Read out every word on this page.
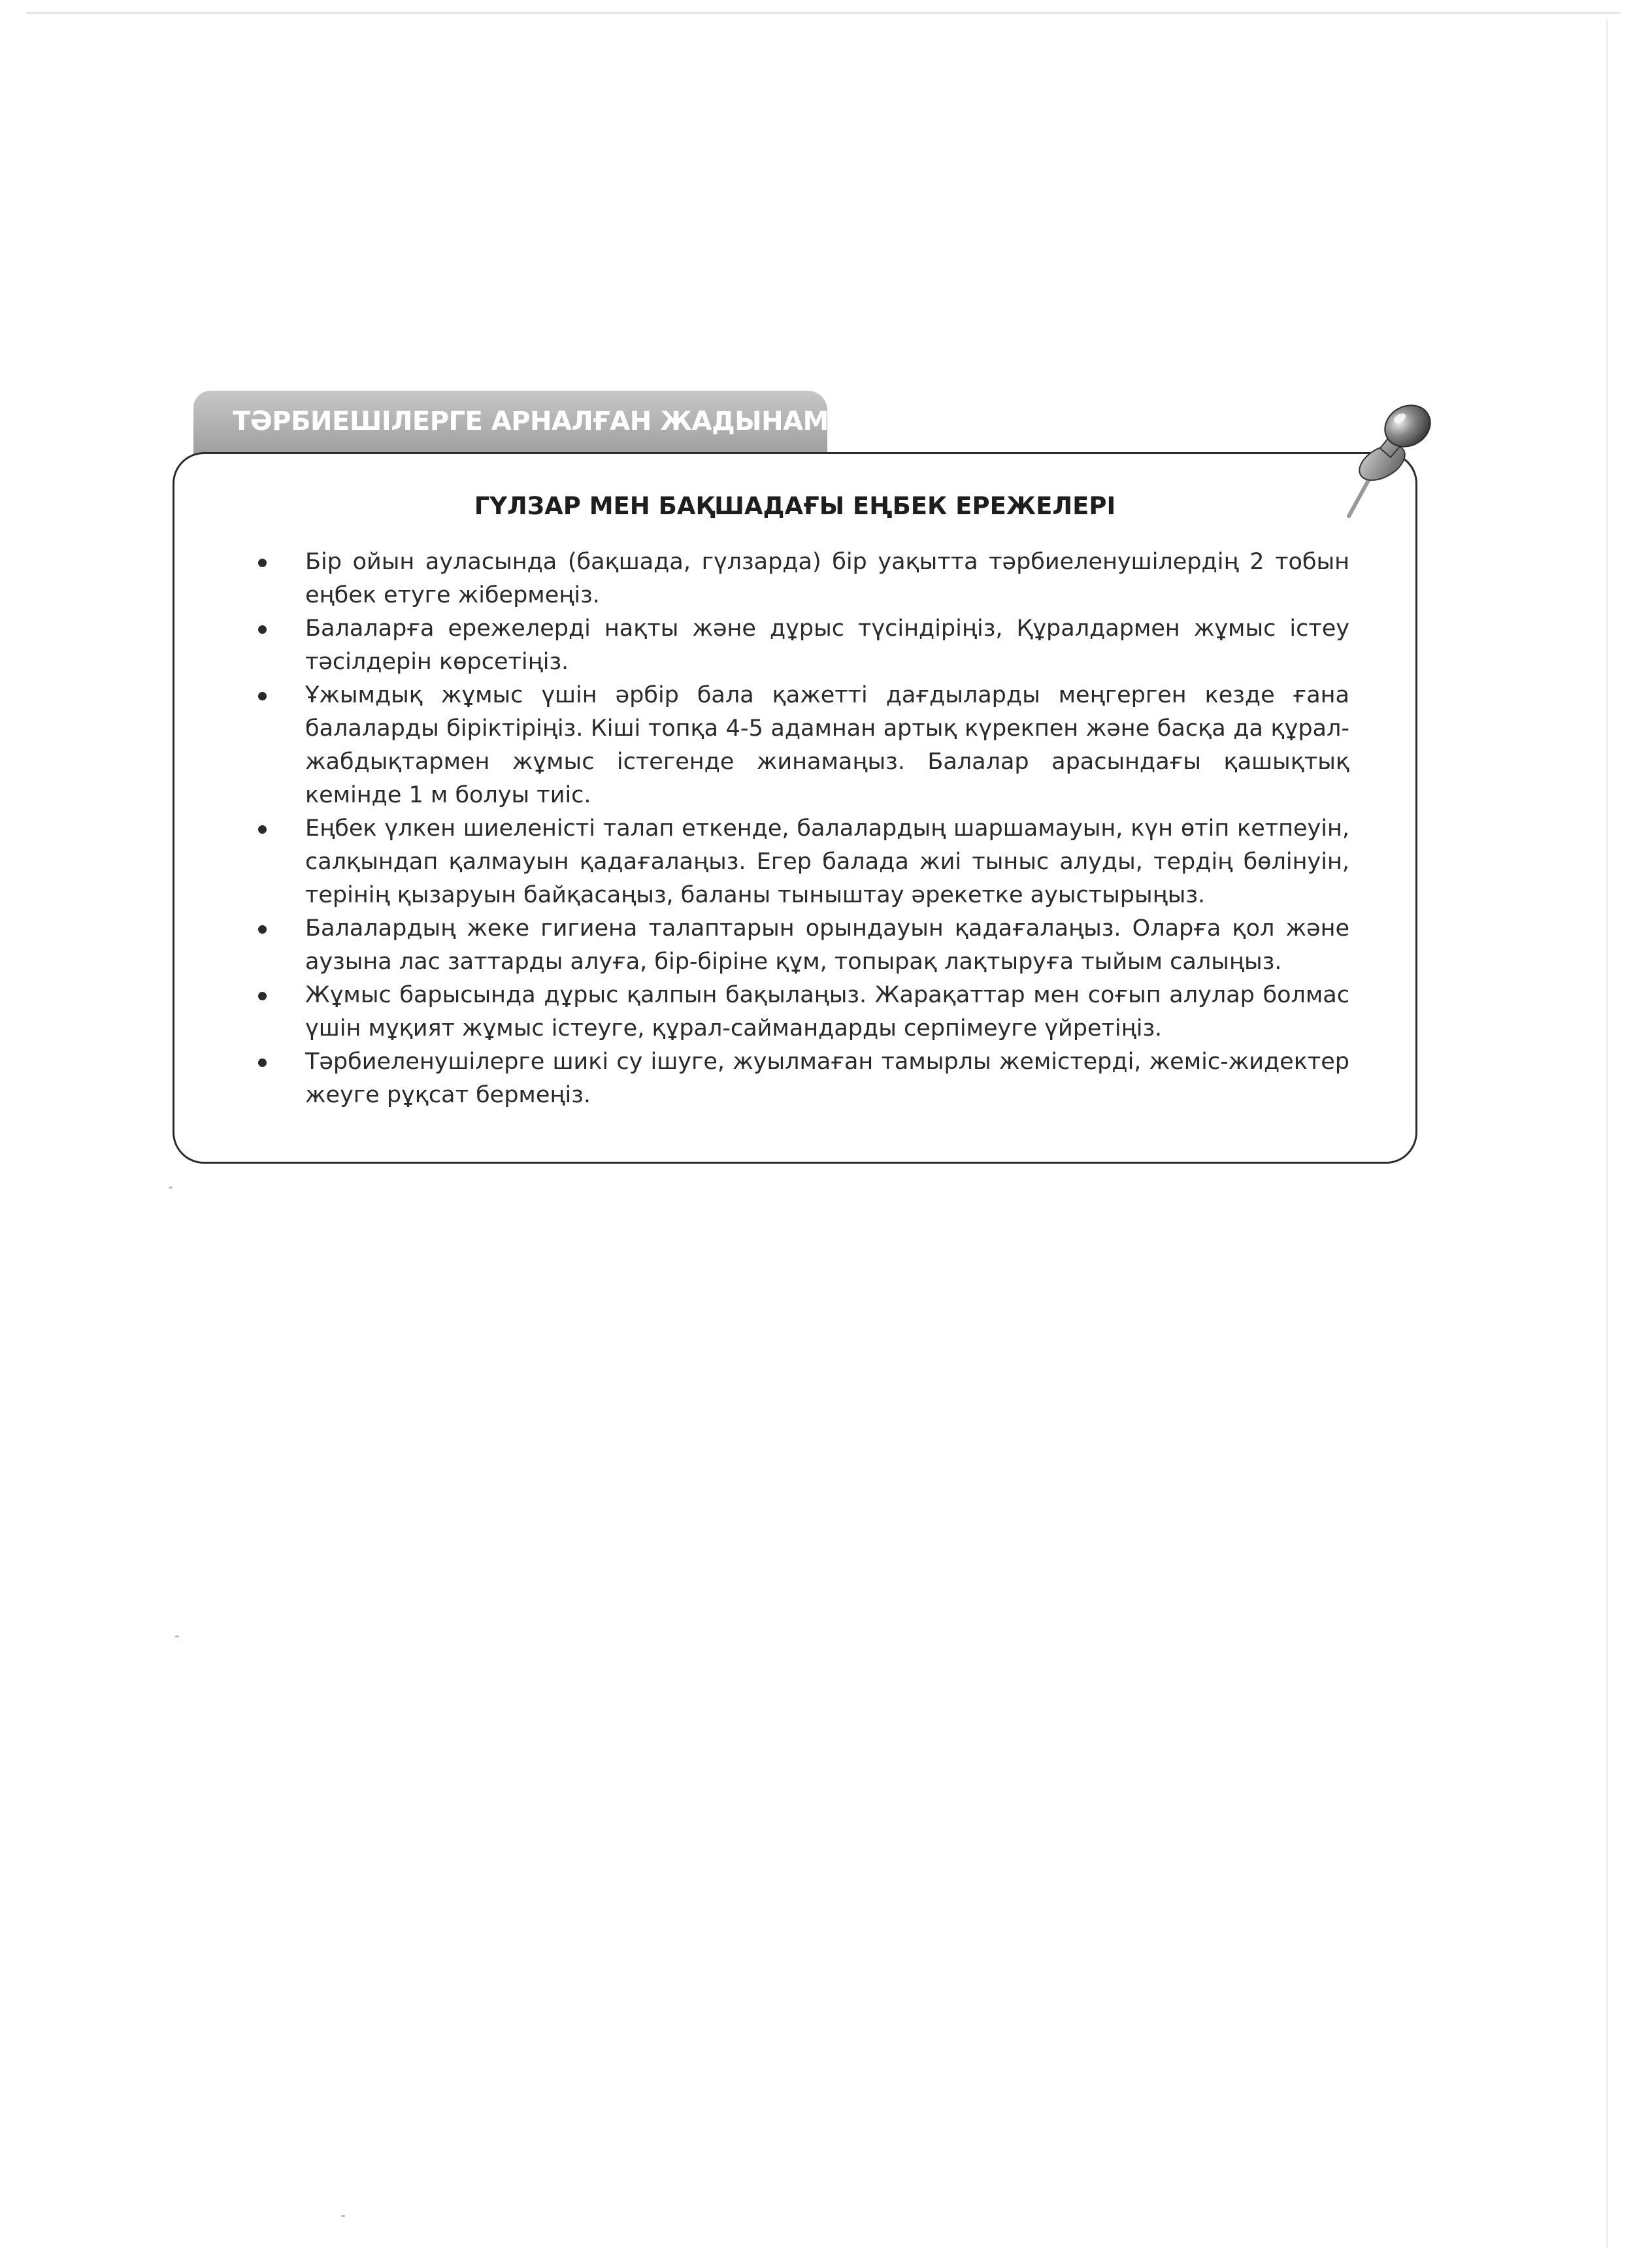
ТӘРБИЕШІЛЕРГЕ АРНАЛҒАН ЖАДЫНАМА
ГҮЛЗАР МЕН БАҚШАДАҒЫ ЕҢБЕК ЕРЕЖЕЛЕРІ
Бір ойын ауласында (бақшада, гүлзарда) бір уақытта тәрбиеленушілердің 2 тобын еңбек етуге жібермеңіз.
Балаларға ережелерді нақты және дұрыс түсіндіріңіз, Құралдармен жұмыс істеу тәсілдерін көрсетіңіз.
Ұжымдық жұмыс үшін әрбір бала қажетті дағдыларды меңгерген кезде ғана балаларды біріктіріңіз. Кіші топқа 4-5 адамнан артық күрекпен және басқа да құрал-жабдықтармен жұмыс істегенде жинамаңыз. Балалар арасындағы қашықтық кемінде 1 м болуы тиіс.
Еңбек үлкен шиеленісті талап еткенде, балалардың шаршамауын, күн өтіп кетпеуін, салқындап қалмауын қадағалаңыз. Егер балада жиі тыныс алуды, тердің бөлінуін, терінің қызаруын байқасаңыз, баланы тыныштау әрекетке ауыстырыңыз.
Балалардың жеке гигиена талаптарын орындауын қадағалаңыз. Оларға қол және аузына лас заттарды алуға, бір-біріне құм, топырақ лақтыруға тыйым салыңыз.
Жұмыс барысында дұрыс қалпын бақылаңыз. Жарақаттар мен соғып алулар болмас үшін мұқият жұмыс істеуге, құрал-саймандарды серпімеуге үйретіңіз.
Тәрбиеленушілерге шикі су ішуге, жуылмаған тамырлы жемістерді, жеміс-жидектер жеуге рұқсат бермеңіз.
